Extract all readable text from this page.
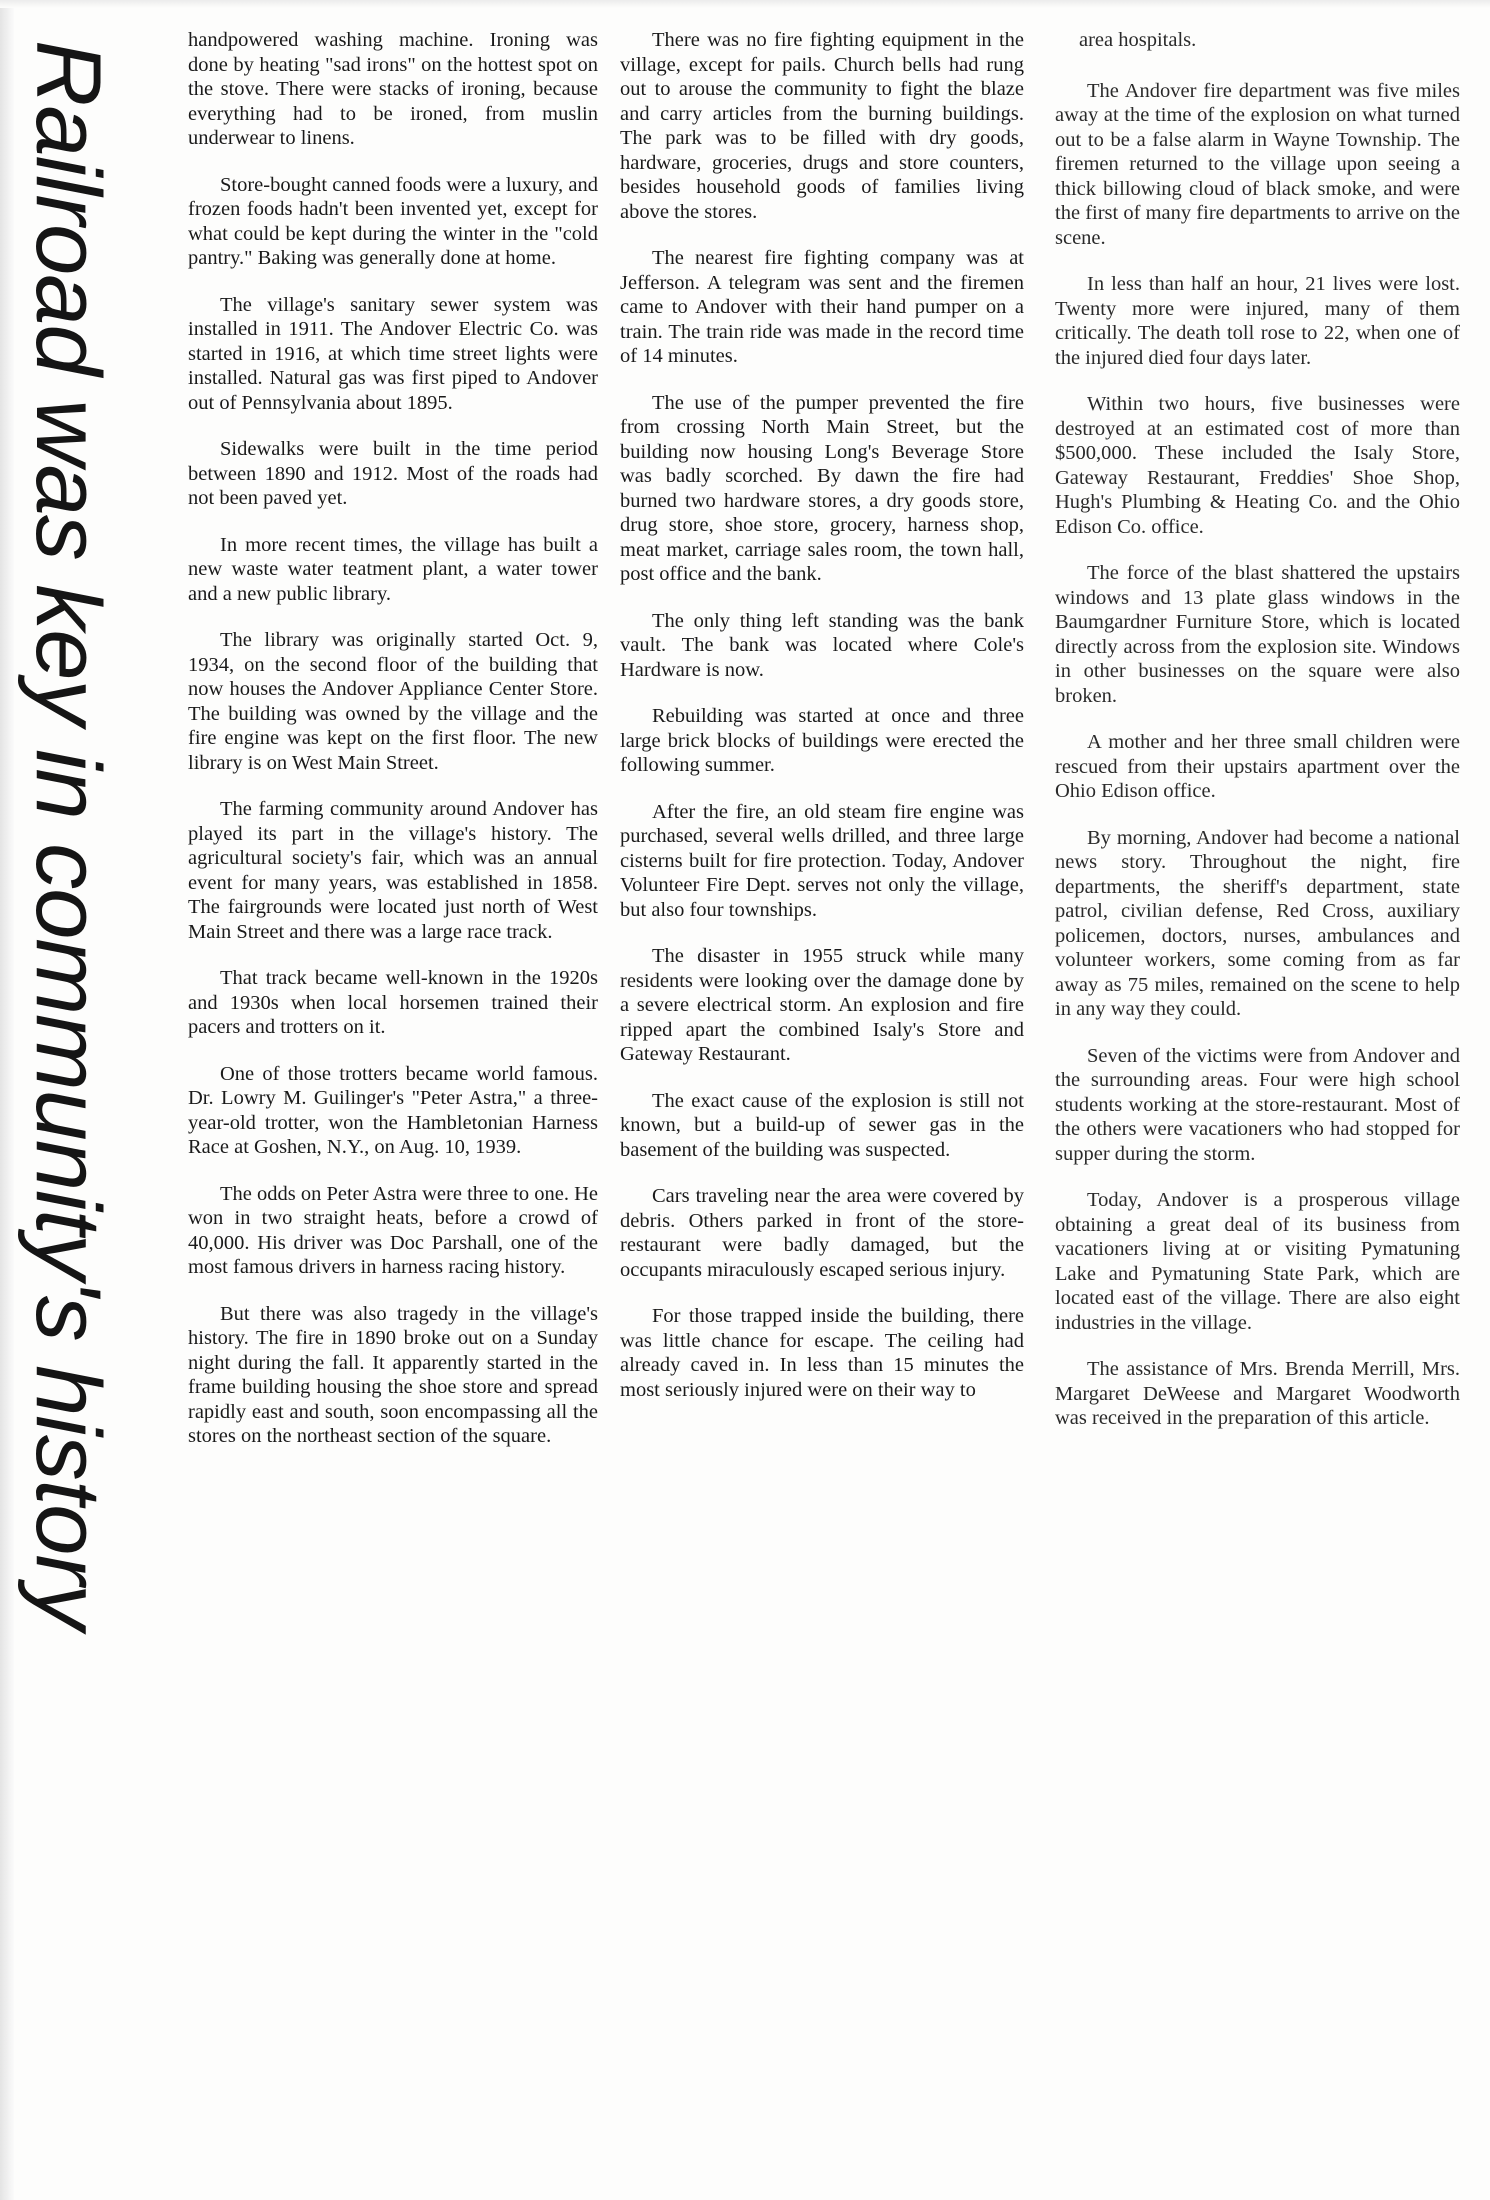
Railroad was key in community's history	handpowered washing machine. Ironing was done by heating "sad irons" on the hottest spot on the stove. There were stacks of ironing, because everything had to be ironed, from muslin underwear to linens.

Store-bought canned foods were a luxury, and frozen foods hadn't been invented yet, except for what could be kept during the winter in the "cold pantry." Baking was generally done at home.

The village's sanitary sewer system was installed in 1911. The Andover Electric Co. was started in 1916, at which time street lights were installed. Natural gas was first piped to Andover out of Pennsylvania about 1895.

Sidewalks were built in the time period between 1890 and 1912. Most of the roads had not been paved yet.

In more recent times, the village has built a new waste water teatment plant, a water tower and a new public library.

The library was originally started Oct. 9, 1934, on the second floor of the building that now houses the Andover Appliance Center Store. The building was owned by the village and the fire engine was kept on the first floor. The new library is on West Main Street.

The farming community around Andover has played its part in the village's history. The agricultural society's fair, which was an annual event for many years, was established in 1858. The fairgrounds were located just north of West Main Street and there was a large race track.

That track became well-known in the 1920s and 1930s when local horsemen trained their pacers and trotters on it.

One of those trotters became world famous. Dr. Lowry M. Guilinger's "Peter Astra," a three-year-old trotter, won the Hambletonian Harness Race at Goshen, N.Y., on Aug. 10, 1939.

The odds on Peter Astra were three to one. He won in two straight heats, before a crowd of 40,000. His driver was Doc Parshall, one of the most famous drivers in harness racing history.

But there was also tragedy in the village's history. The fire in 1890 broke out on a Sunday night during the fall. It apparently started in the frame building housing the shoe store and spread rapidly east and south, soon encompassing all the stores on the northeast section of the square.

There was no fire fighting equipment in the village, except for pails. Church bells had rung out to arouse the community to fight the blaze and carry articles from the burning buildings. The park was to be filled with dry goods, hardware, groceries, drugs and store counters, besides household goods of families living above the stores.

The nearest fire fighting company was at Jefferson. A telegram was sent and the firemen came to Andover with their hand pumper on a train. The train ride was made in the record time of 14 minutes.

The use of the pumper prevented the fire from crossing North Main Street, but the building now housing Long's Beverage Store was badly scorched. By dawn the fire had burned two hardware stores, a dry goods store, drug store, shoe store, grocery, harness shop, meat market, carriage sales room, the town hall, post office and the bank.

The only thing left standing was the bank vault. The bank was located where Cole's Hardware is now.

Rebuilding was started at once and three large brick blocks of buildings were erected the following summer.

After the fire, an old steam fire engine was purchased, several wells drilled, and three large cisterns built for fire protection. Today, Andover Volunteer Fire Dept. serves not only the village, but also four townships.

The disaster in 1955 struck while many residents were looking over the damage done by a severe electrical storm. An explosion and fire ripped apart the combined Isaly's Store and Gateway Restaurant.

The exact cause of the explosion is still not known, but a build-up of sewer gas in the basement of the building was suspected.

Cars traveling near the area were covered by debris. Others parked in front of the store-restaurant were badly damaged, but the occupants miraculously escaped serious injury.

For those trapped inside the building, there was little chance for escape. The ceiling had already caved in. In less than 15 minutes the most seriously injured were on their way to

area hospitals.

The Andover fire department was five miles away at the time of the explosion on what turned out to be a false alarm in Wayne Township. The firemen returned to the village upon seeing a thick billowing cloud of black smoke, and were the first of many fire departments to arrive on the scene.

In less than half an hour, 21 lives were lost. Twenty more were injured, many of them critically. The death toll rose to 22, when one of the injured died four days later.

Within two hours, five businesses were destroyed at an estimated cost of more than $500,000. These included the Isaly Store, Gateway Restaurant, Freddies' Shoe Shop, Hugh's Plumbing & Heating Co. and the Ohio Edison Co. office.

The force of the blast shattered the upstairs windows and 13 plate glass windows in the Baumgardner Furniture Store, which is located directly across from the explosion site. Windows in other businesses on the square were also broken.

A mother and her three small children were rescued from their upstairs apartment over the Ohio Edison office.

By morning, Andover had become a national news story. Throughout the night, fire departments, the sheriff's department, state patrol, civilian defense, Red Cross, auxiliary policemen, doctors, nurses, ambulances and volunteer workers, some coming from as far away as 75 miles, remained on the scene to help in any way they could.

Seven of the victims were from Andover and the surrounding areas. Four were high school students working at the store-restaurant. Most of the others were vacationers who had stopped for supper during the storm.

Today, Andover is a prosperous village obtaining a great deal of its business from vacationers living at or visiting Pymatuning Lake and Pymatuning State Park, which are located east of the village. There are also eight industries in the village.

The assistance of Mrs. Brenda Merrill, Mrs. Margaret DeWeese and Margaret Woodworth was received in the preparation of this article.
